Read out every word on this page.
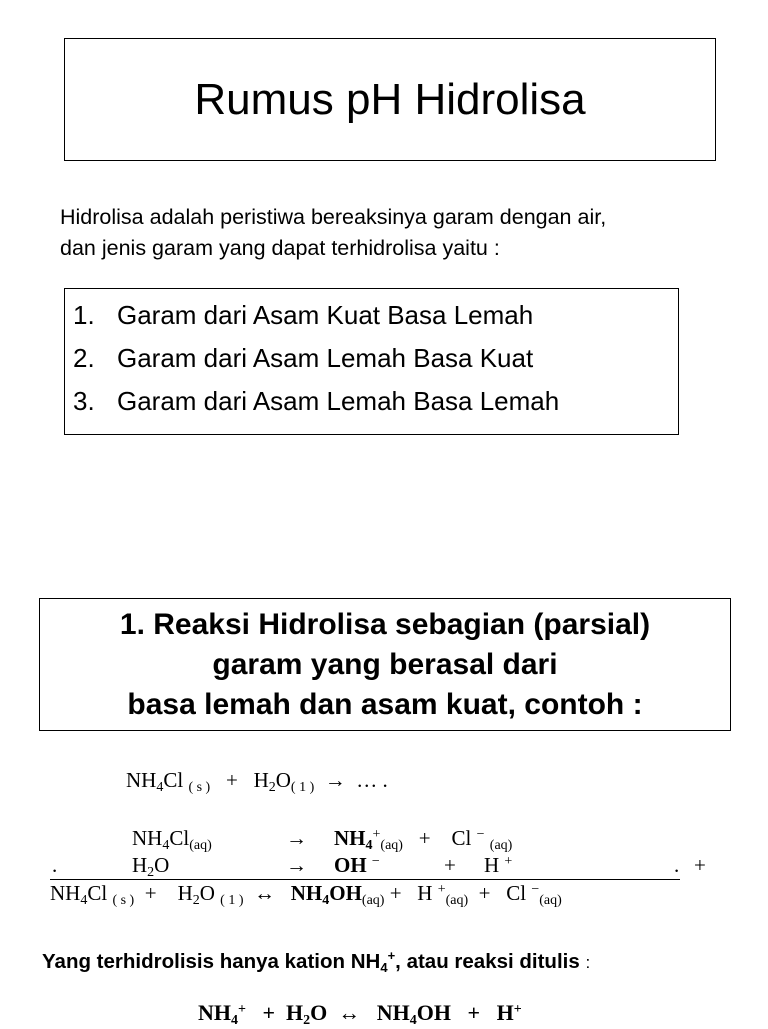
Rumus pH Hidrolisa
Hidrolisa adalah peristiwa bereaksinya garam dengan air,
dan jenis garam yang dapat terhidrolisa yaitu :
1. Garam dari Asam Kuat Basa Lemah
2. Garam dari Asam Lemah Basa Kuat
3. Garam dari Asam Lemah Basa Lemah
1. Reaksi Hidrolisa sebagian (parsial)
garam yang berasal dari
basa lemah dan asam kuat, contoh :
$NH_4Cl$ $_{( s )} + H_2O_{( 1 )}$ → … .
$NH_4Cl_{(aq)}$	→ $NH_4^+_{(aq)} + Cl$ − $_{(aq)}$
.	$H_2O$	→ OH −	+ H +	. +
$NH_4Cl$ $_{( s )} + H_2O$ $_{( 1 )}$ ↔ $NH_4OH_{(aq)} + H$ +$_{(aq)}$ + Cl −$_{(aq)}$
Yang terhidrolisis hanya kation $NH_4^+$, atau reaksi ditulis :
$NH_4^+ + H_2O$ ↔ $NH_4OH + H^+$
